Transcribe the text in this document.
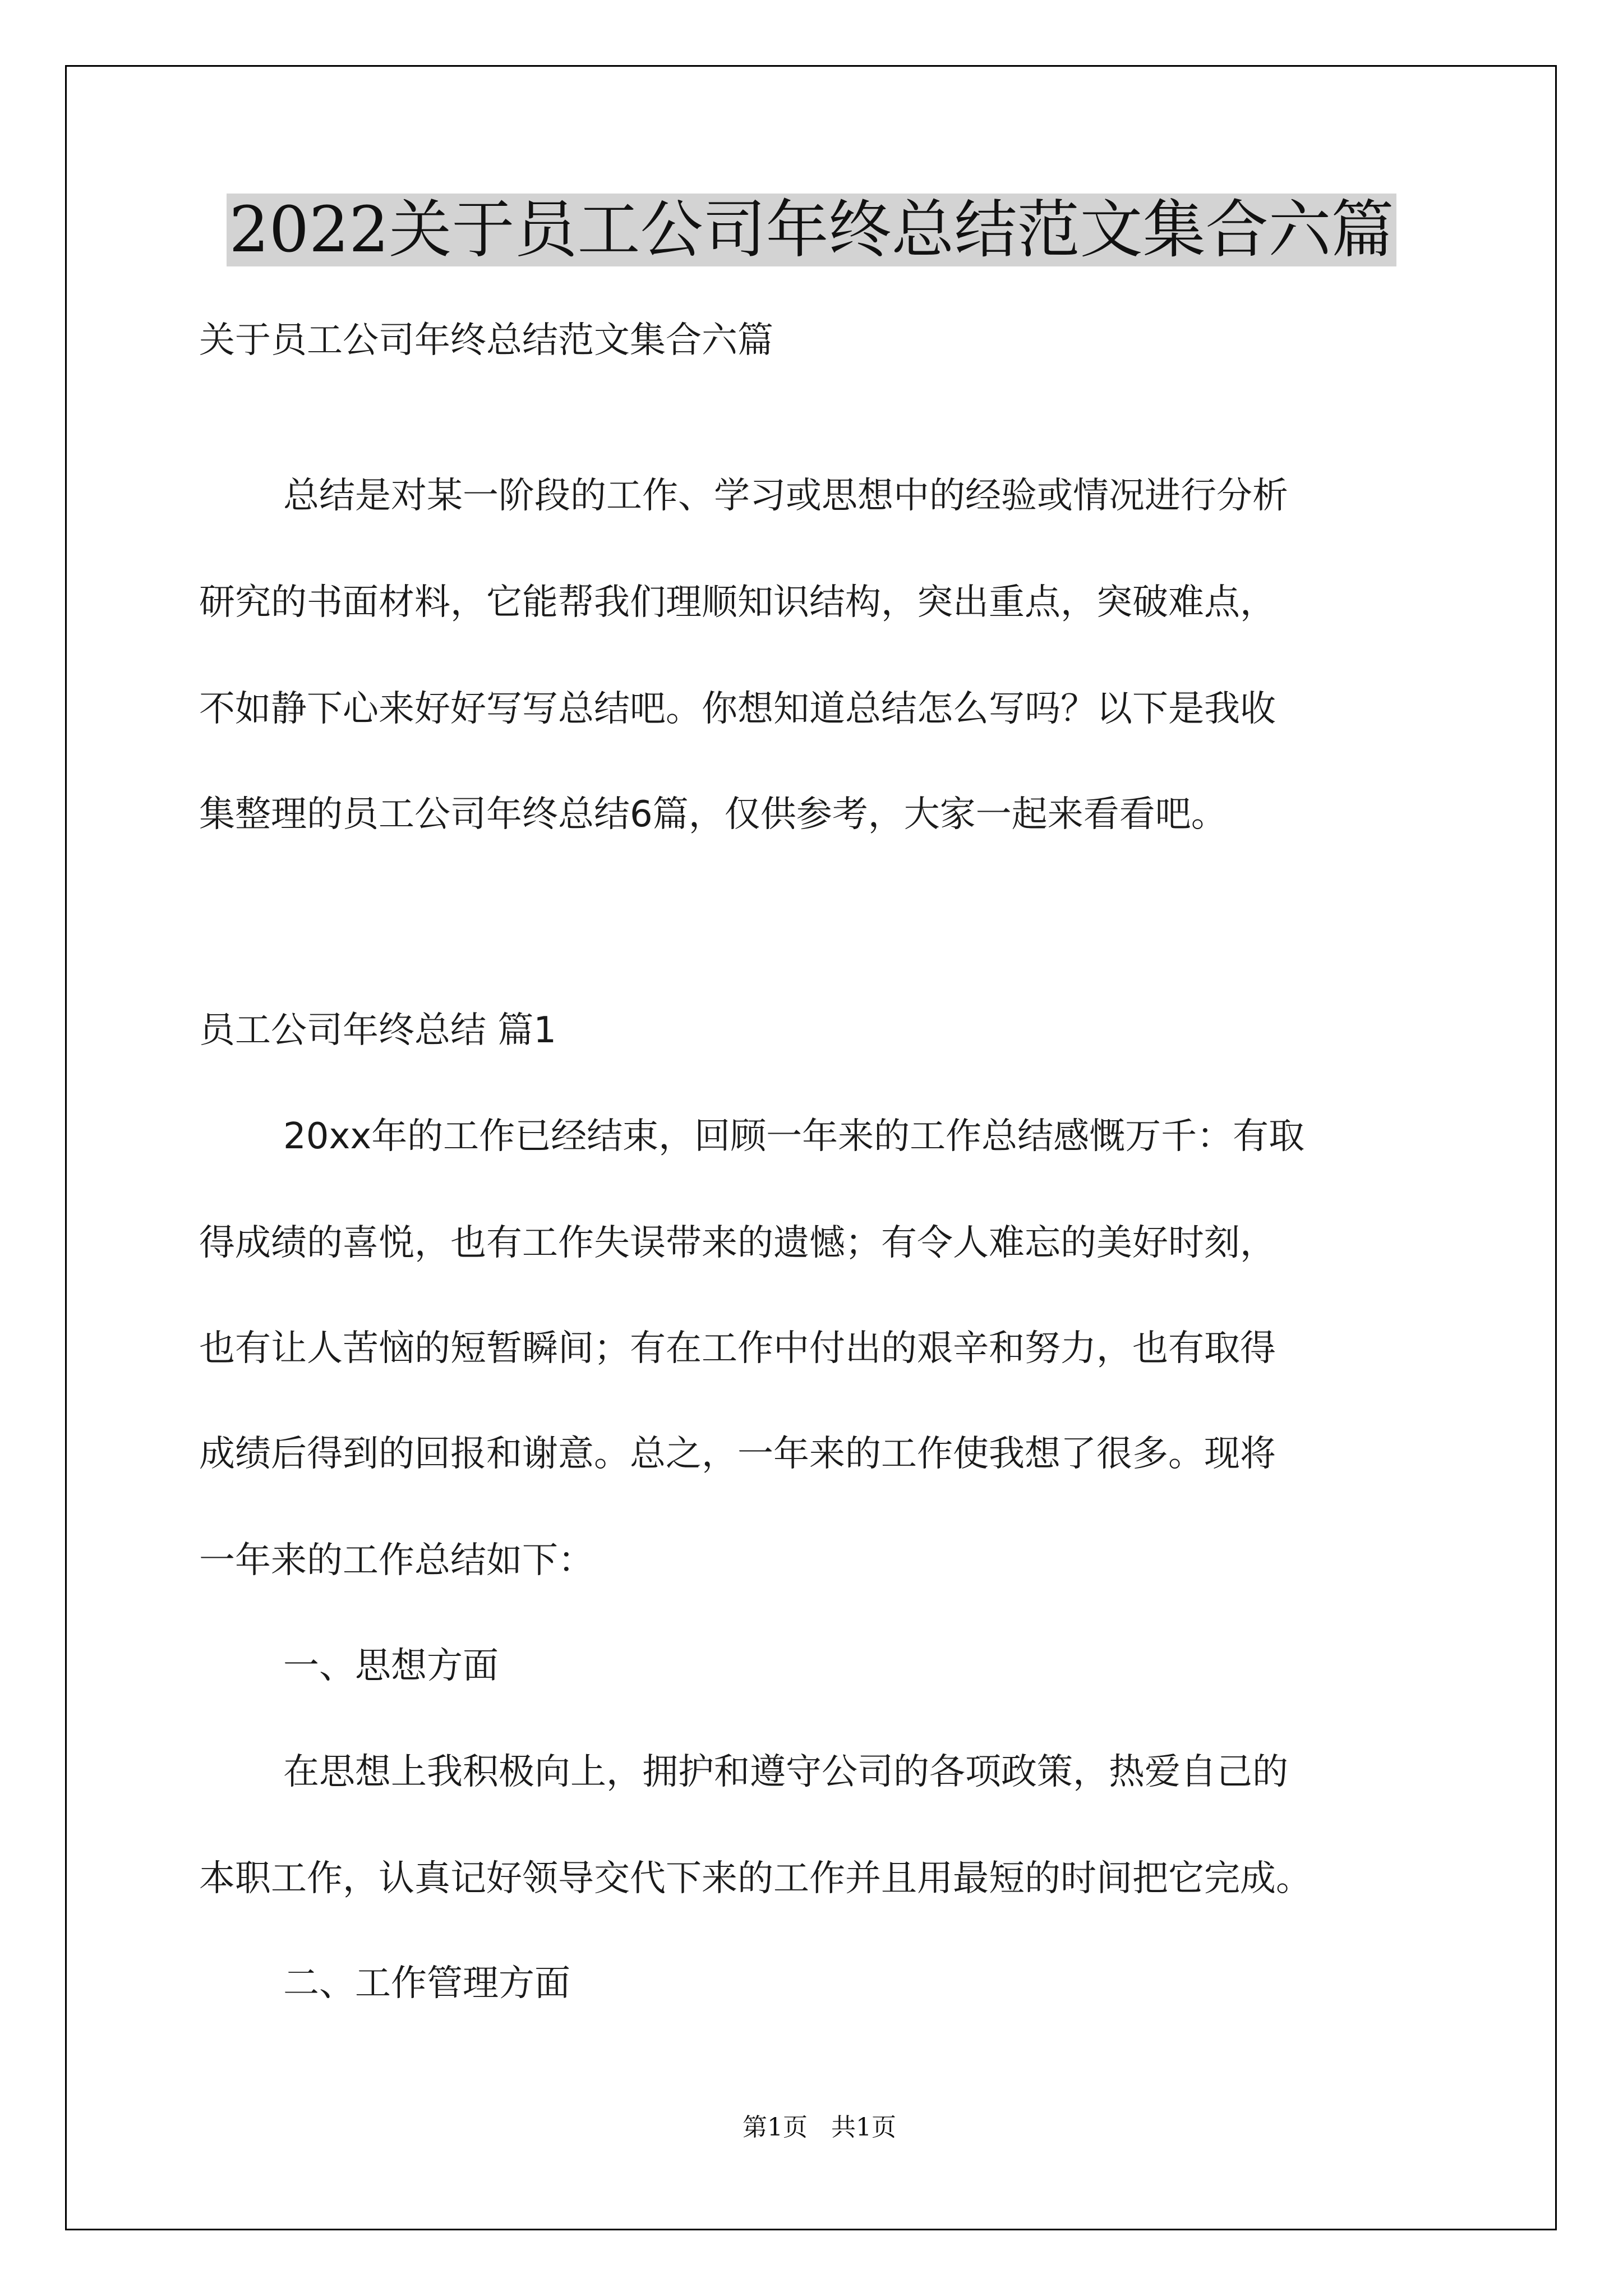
2022关于员工公司年终总结范文集合六篇
关于员工公司年终总结范文集合六篇
总结是对某一阶段的工作、学习或思想中的经验或情况进行分析
研究的书面材料，它能帮我们理顺知识结构，突出重点，突破难点，
不如静下心来好好写写总结吧。你想知道总结怎么写吗？以下是我收
集整理的员工公司年终总结6篇，仅供参考，大家一起来看看吧。
员工公司年终总结 篇1
20xx年的工作已经结束，回顾一年来的工作总结感慨万千：有取
得成绩的喜悦，也有工作失误带来的遗憾；有令人难忘的美好时刻，
也有让人苦恼的短暂瞬间；有在工作中付出的艰辛和努力，也有取得
成绩后得到的回报和谢意。总之，一年来的工作使我想了很多。现将
一年来的工作总结如下：
一、思想方面
在思想上我积极向上，拥护和遵守公司的各项政策，热爱自己的
本职工作，认真记好领导交代下来的工作并且用最短的时间把它完成。
二、工作管理方面

第1页   共1页
